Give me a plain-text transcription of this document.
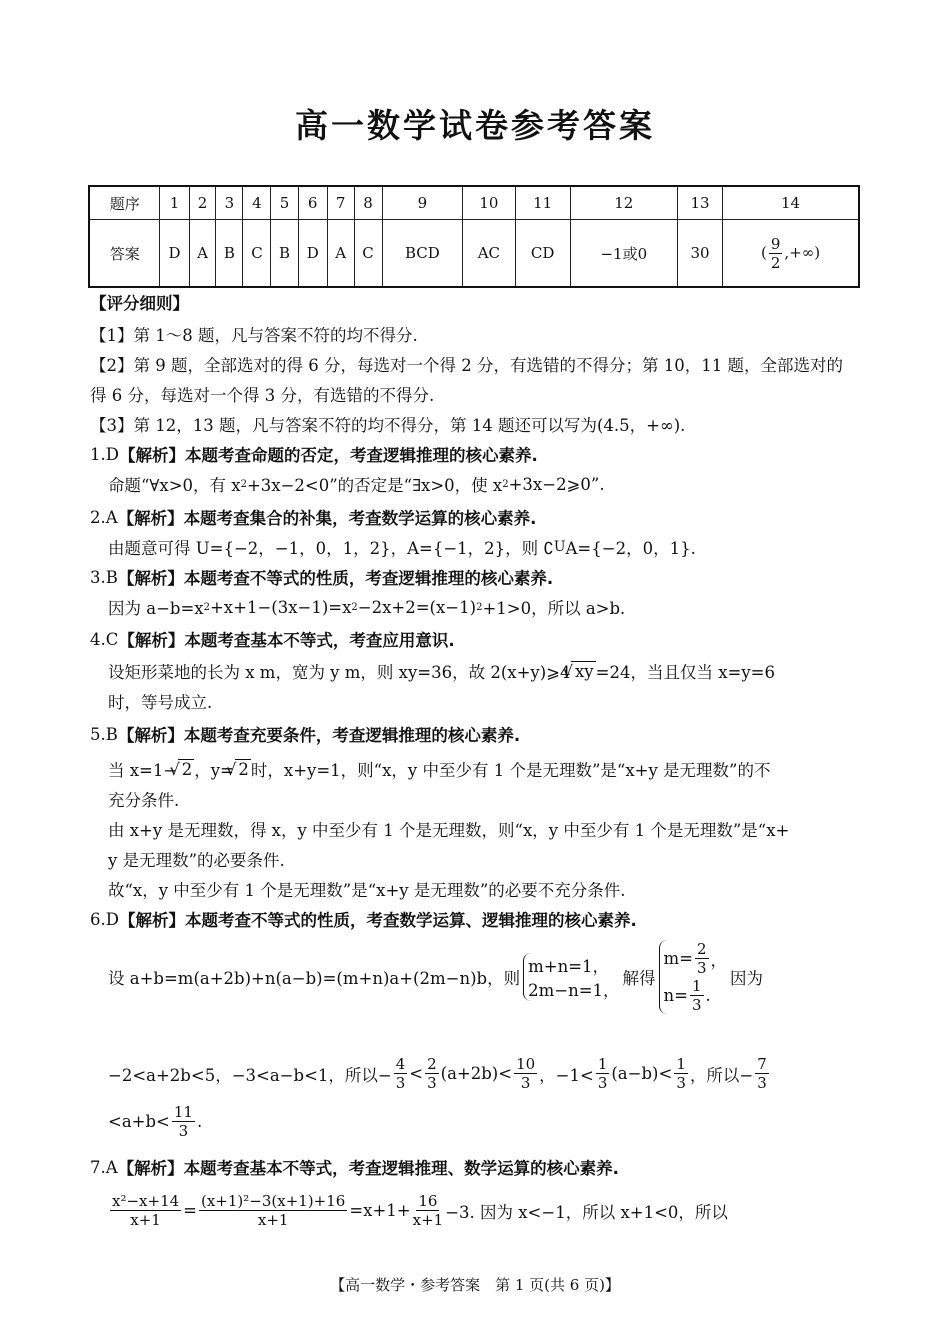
高一数学试卷参考答案
题序	1	2	3	4	5	6	7	8	9	10	11	12	13	14
答案	D	A	B	C	B	D	A	C	BCD	AC	CD	−1或0	30	( $\frac{9}{2}$ ,+∞)
【评分细则】
【1】第 1～8 题，凡与答案不符的均不得分.
【2】第 9 题，全部选对的得 6 分，每选对一个得 2 分，有选错的不得分；第 10，11 题，全部选对的
得 6 分，每选对一个得 3 分，有选错的不得分.
【3】第 12，13 题，凡与答案不符的均不得分，第 14 题还可以写为(4.5，+∞).
1.D 【解析】本题考查命题的否定，考查逻辑推理的核心素养.
命题“∀x>0，有 x 2 +3x−2<0”的否定是“∃x>0，使 x 2 +3x−2⩾0”.
2.A 【解析】本题考查集合的补集，考查数学运算的核心素养.
由题意可得 U={−2，−1，0，1，2}，A={−1，2}，则 ∁ U A={−2，0，1}.
3.B 【解析】本题考查不等式的性质，考查逻辑推理的核心素养.
因为 a−b=x 2 +x+1−(3x−1)=x 2 −2x+2=(x−1) 2 +1>0，所以 a>b.
4.C 【解析】本题考查基本不等式，考查应用意识.
设矩形菜地的长为 x m，宽为 y m，则 xy=36，故 2(x+y)⩾4 √ xy =24，当且仅当 x=y=6
时，等号成立.
5.B 【解析】本题考查充要条件，考查逻辑推理的核心素养.
当 x=1− √ 2 ，y= √ 2 时，x+y=1，则“x，y 中至少有 1 个是无理数”是“x+y 是无理数”的不
充分条件.
由 x+y 是无理数，得 x，y 中至少有 1 个是无理数，则“x，y 中至少有 1 个是无理数”是“x+
y 是无理数”的必要条件.
故“x，y 中至少有 1 个是无理数”是“x+y 是无理数”的必要不充分条件.
6.D 【解析】本题考查不等式的性质，考查数学运算、逻辑推理的核心素养.
设 a+b=m(a+2b)+n(a−b)=(m+n)a+(2m−n)b，则
m+n=1，
2m−n=1，
解得
$m= \frac{2}{3}$ ，
$n= \frac{1}{3}$ .
因为
−2<a+2b<5，−3<a−b<1，所以− $\frac{4}{3} < \frac{2}{3} (a+2b)< \frac{10}{3}$ ，$-1< \frac{1}{3} (a-b)< \frac{1}{3}$ ，所以− $\frac{7}{3}$
$<a+b< \frac{11}{3}$ .
7.A 【解析】本题考查基本不等式，考查逻辑推理、数学运算的核心素养.
$\frac{\text{x²−x+14}}{x+1} = \frac{\text{(x+1)²−3(x+1)+16}}{x+1} =x+1+ \frac{16}{x+1} -3$. 因为 x<−1，所以 x+1<0，所以
【高一数学・参考答案　第 1 页(共 6 页)】
